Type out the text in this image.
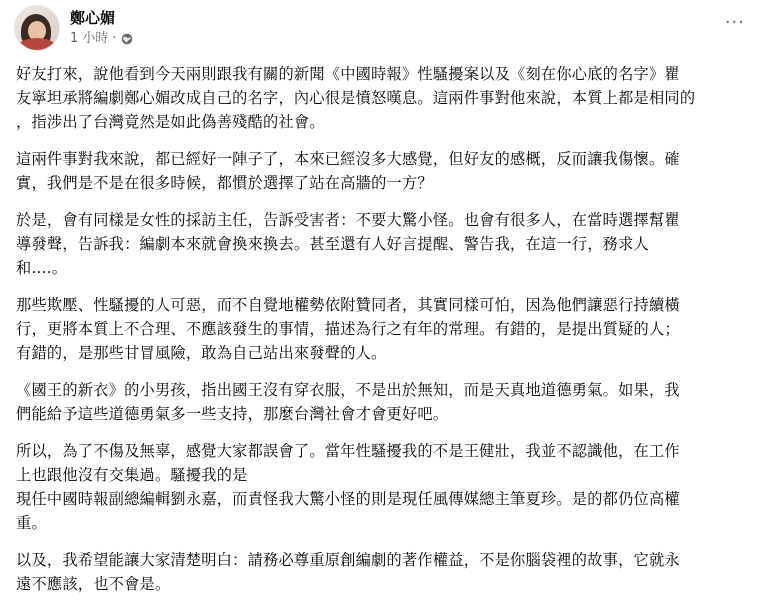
鄭心媚
1 小時 ·
···

好友打來，說他看到今天兩則跟我有關的新聞《中國時報》性騷擾案以及《刻在你心底的名字》瞿
友寧坦承將編劇鄭心媚改成自己的名字，內心很是憤怒嘆息。這兩件事對他來說，本質上都是相同的
，指涉出了台灣竟然是如此偽善殘酷的社會。

這兩件事對我來說，都已經好一陣子了，本來已經沒多大感覺，但好友的感概，反而讓我傷懷。確
實，我們是不是在很多時候，都慣於選擇了站在高牆的一方？

於是，會有同樣是女性的採訪主任，告訴受害者：不要大驚小怪。也會有很多人，在當時選擇幫瞿
導發聲，告訴我：編劇本來就會換來換去。甚至還有人好言提醒、警告我，在這一行，務求人
和....。

那些欺壓、性騷擾的人可惡，而不自覺地權勢依附贊同者，其實同樣可怕，因為他們讓惡行持續橫
行，更將本質上不合理、不應該發生的事情，描述為行之有年的常理。有錯的，是提出質疑的人；
有錯的，是那些甘冒風險，敢為自己站出來發聲的人。

《國王的新衣》的小男孩，指出國王沒有穿衣服，不是出於無知，而是天真地道德勇氣。如果，我
們能給予這些道德勇氣多一些支持，那麼台灣社會才會更好吧。

所以，為了不傷及無辜，感覺大家都誤會了。當年性騷擾我的不是王健壯，我並不認識他，在工作
上也跟他沒有交集過。騷擾我的是
現任中國時報副總編輯劉永嘉，而責怪我大驚小怪的則是現任風傳媒總主筆夏珍。是的都仍位高權
重。

以及，我希望能讓大家清楚明白：請務必尊重原創編劇的著作權益，不是你腦袋裡的故事，它就永
遠不應該，也不會是。
